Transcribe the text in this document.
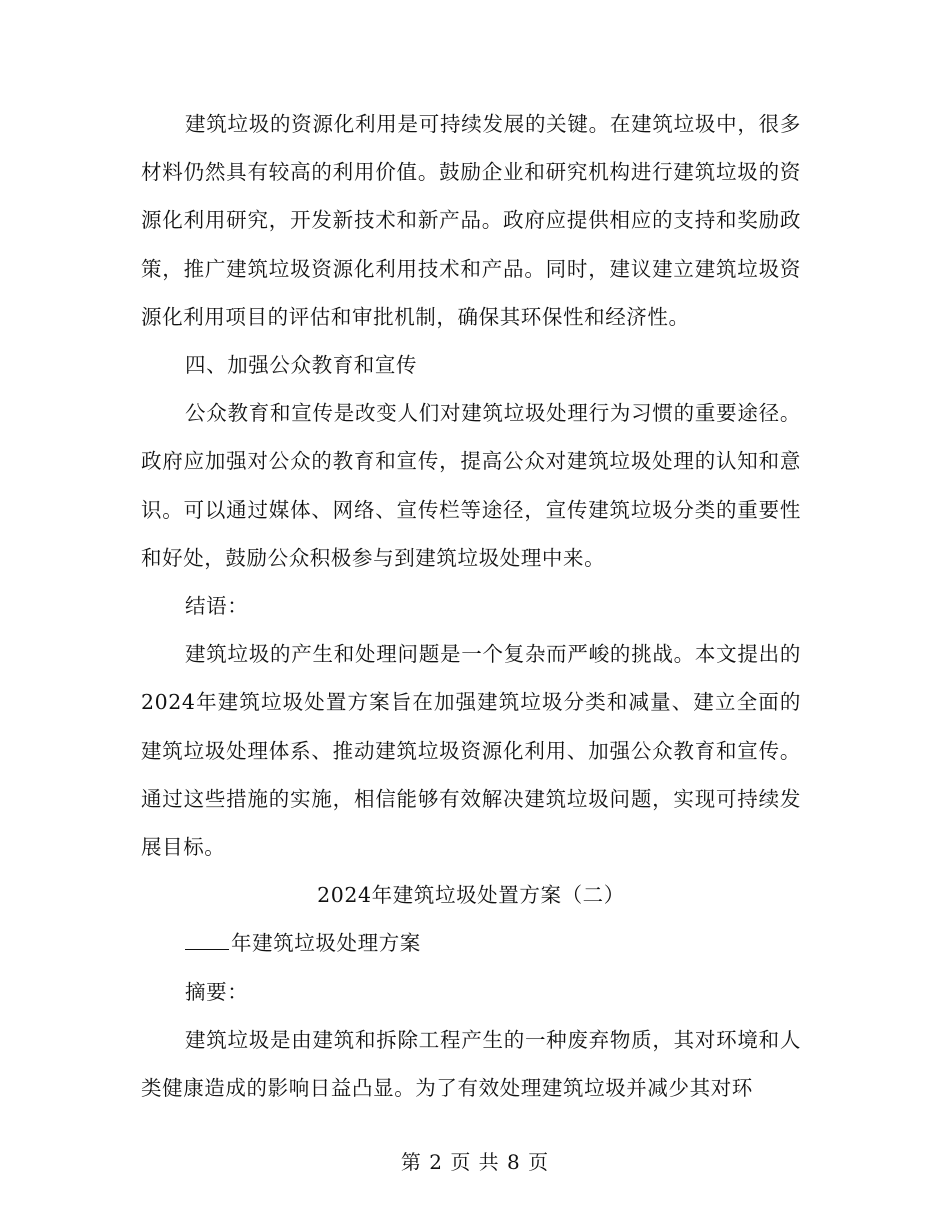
建筑垃圾的资源化利用是可持续发展的关键。在建筑垃圾中，很多材料仍然具有较高的利用价值。鼓励企业和研究机构进行建筑垃圾的资源化利用研究，开发新技术和新产品。政府应提供相应的支持和奖励政策，推广建筑垃圾资源化利用技术和产品。同时，建议建立建筑垃圾资源化利用项目的评估和审批机制，确保其环保性和经济性。

四、加强公众教育和宣传

公众教育和宣传是改变人们对建筑垃圾处理行为习惯的重要途径。政府应加强对公众的教育和宣传，提高公众对建筑垃圾处理的认知和意识。可以通过媒体、网络、宣传栏等途径，宣传建筑垃圾分类的重要性和好处，鼓励公众积极参与到建筑垃圾处理中来。

结语：

建筑垃圾的产生和处理问题是一个复杂而严峻的挑战。本文提出的2024年建筑垃圾处置方案旨在加强建筑垃圾分类和减量、建立全面的建筑垃圾处理体系、推动建筑垃圾资源化利用、加强公众教育和宣传。通过这些措施的实施，相信能够有效解决建筑垃圾问题，实现可持续发展目标。

2024年建筑垃圾处置方案（二）

年建筑垃圾处理方案

摘要：

建筑垃圾是由建筑和拆除工程产生的一种废弃物质，其对环境和人类健康造成的影响日益凸显。为了有效处理建筑垃圾并减少其对环

第 2 页 共 8 页
